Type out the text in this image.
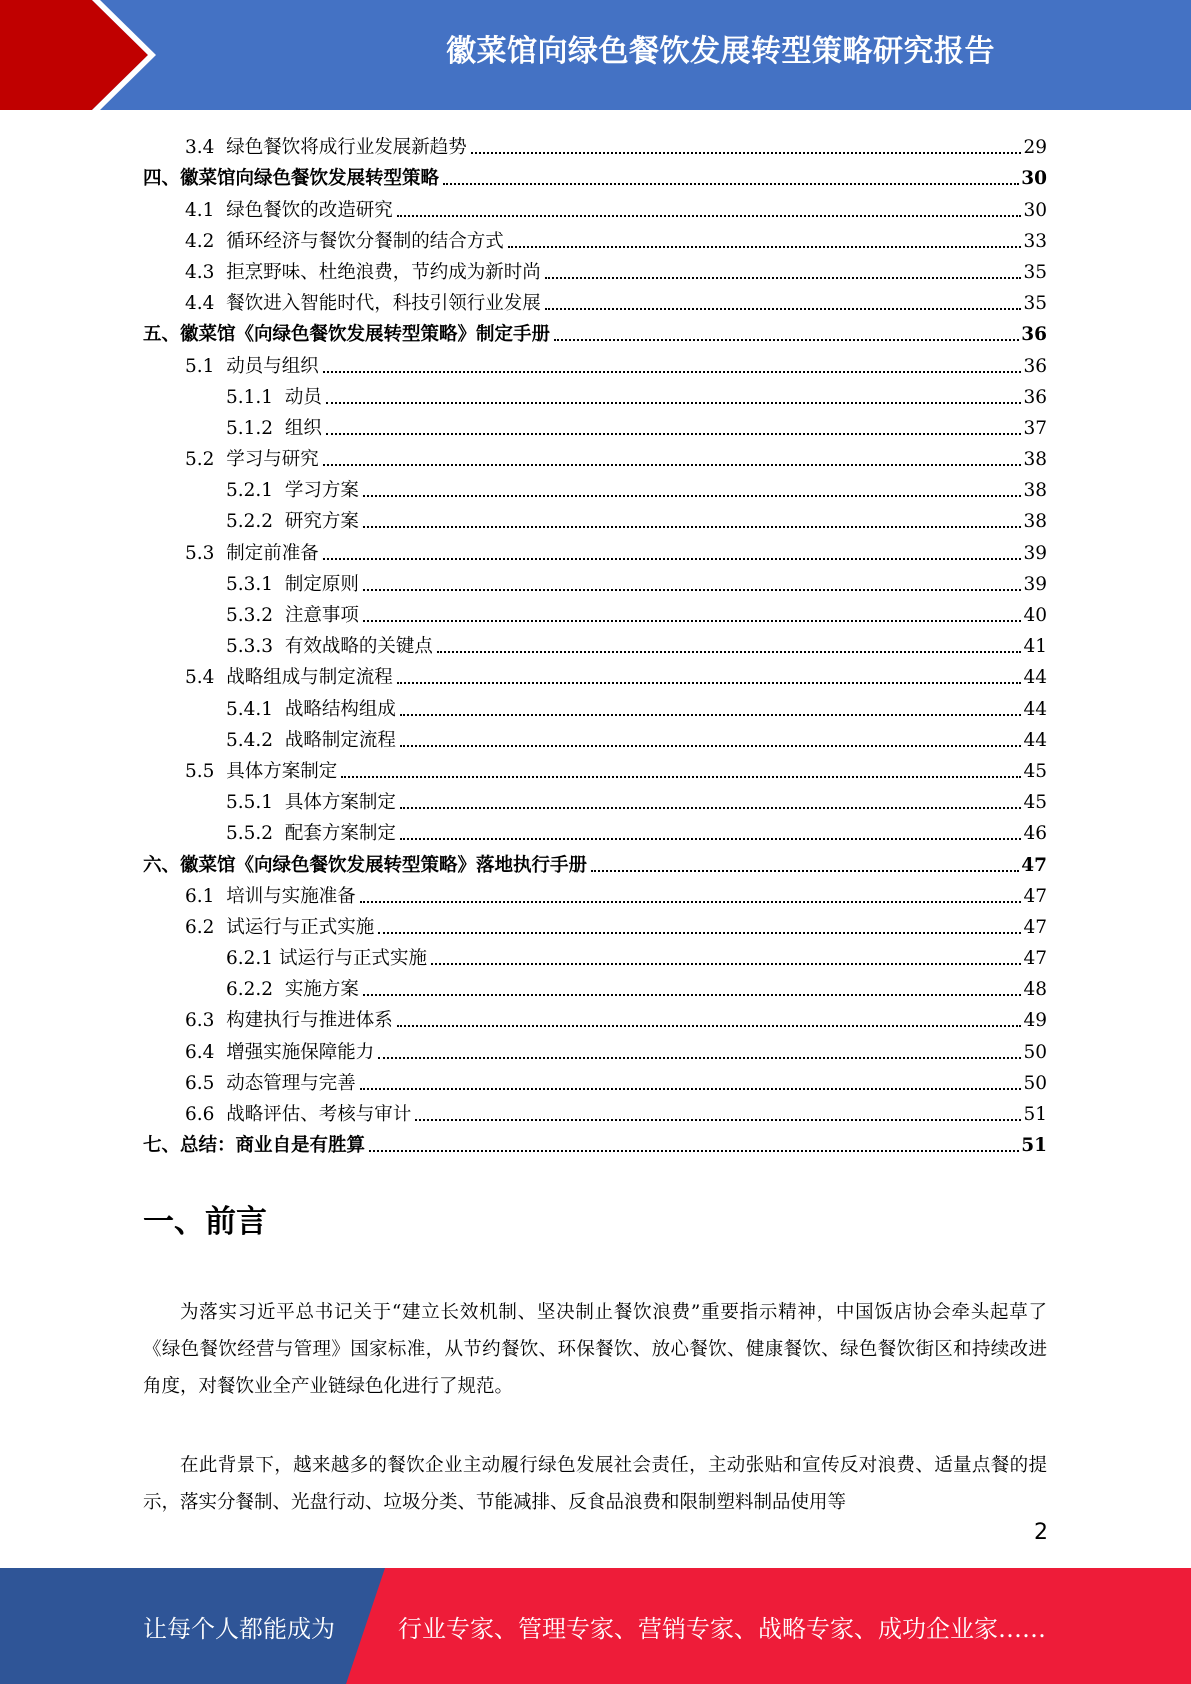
徽菜馆向绿色餐饮发展转型策略研究报告
3.4  绿色餐饮将成行业发展新趋势	29
四、徽菜馆向绿色餐饮发展转型策略	30
4.1  绿色餐饮的改造研究	30
4.2  循环经济与餐饮分餐制的结合方式	33
4.3  拒烹野味、杜绝浪费，节约成为新时尚	35
4.4  餐饮进入智能时代，科技引领行业发展	35
五、徽菜馆《向绿色餐饮发展转型策略》制定手册	36
5.1  动员与组织	36
5.1.1  动员	36
5.1.2  组织	37
5.2  学习与研究	38
5.2.1  学习方案	38
5.2.2  研究方案	38
5.3  制定前准备	39
5.3.1  制定原则	39
5.3.2  注意事项	40
5.3.3  有效战略的关键点	41
5.4  战略组成与制定流程	44
5.4.1  战略结构组成	44
5.4.2  战略制定流程	44
5.5  具体方案制定	45
5.5.1  具体方案制定	45
5.5.2  配套方案制定	46
六、徽菜馆《向绿色餐饮发展转型策略》落地执行手册	47
6.1  培训与实施准备	47
6.2  试运行与正式实施	47
6.2.1 试运行与正式实施	47
6.2.2  实施方案	48
6.3  构建执行与推进体系	49
6.4  增强实施保障能力	50
6.5  动态管理与完善	50
6.6  战略评估、考核与审计	51
七、总结：商业自是有胜算	51
一、前言

为落实习近平总书记关于“建立长效机制、坚决制止餐饮浪费”重要指示精神，中国饭店协会牵头起草了《绿色餐饮经营与管理》国家标准，从节约餐饮、环保餐饮、放心餐饮、健康餐饮、绿色餐饮街区和持续改进角度，对餐饮业全产业链绿色化进行了规范。

在此背景下，越来越多的餐饮企业主动履行绿色发展社会责任，主动张贴和宣传反对浪费、适量点餐的提示，落实分餐制、光盘行动、垃圾分类、节能减排、反食品浪费和限制塑料制品使用等

2
让每个人都能成为	行业专家、管理专家、营销专家、战略专家、成功企业家……
